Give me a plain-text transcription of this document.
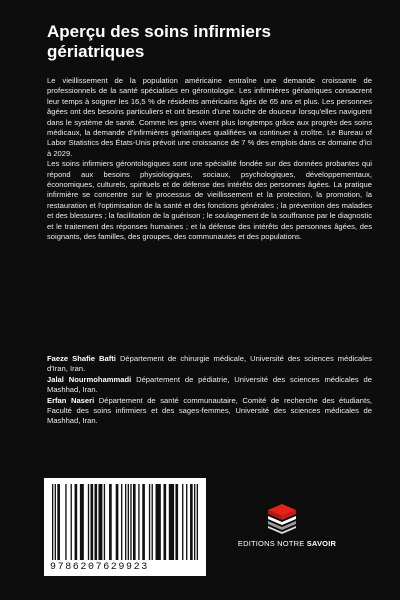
Aperçu des soins infirmiers gériatriques

Le vieillissement de la population américaine entraîne une demande croissante de professionnels de la santé spécialisés en gérontologie. Les infirmières gériatriques consacrent leur temps à soigner les 16,5 % de résidents américains âgés de 65 ans et plus. Les personnes âgées ont des besoins particuliers et ont besoin d'une touche de douceur lorsqu'elles naviguent dans le système de santé. Comme les gens vivent plus longtemps grâce aux progrès des soins médicaux, la demande d'infirmières gériatriques qualifiées va continuer à croître. Le Bureau of Labor Statistics des États-Unis prévoit une croissance de 7 % des emplois dans ce domaine d'ici à 2029.

Les soins infirmiers gérontologiques sont une spécialité fondée sur des données probantes qui répond aux besoins physiologiques, sociaux, psychologiques, développementaux, économiques, culturels, spirituels et de défense des intérêts des personnes âgées. La pratique infirmière se concentre sur le processus de vieillissement et la protection, la promotion, la restauration et l'optimisation de la santé et des fonctions générales ; la prévention des maladies et des blessures ; la facilitation de la guérison ; le soulagement de la souffrance par le diagnostic et le traitement des réponses humaines ; et la défense des intérêts des personnes âgées, des soignants, des familles, des groupes, des communautés et des populations.

Faeze Shafie Bafti Département de chirurgie médicale, Université des sciences médicales d'Iran, Iran.

Jalal Nourmohammadi Département de pédiatrie, Université des sciences médicales de Mashhad, Iran.

Erfan Naseri Département de santé communautaire, Comité de recherche des étudiants, Faculté des soins infirmiers et des sages-femmes, Université des sciences médicales de Mashhad, Iran.

9786207629923
EDITIONS NOTRE SAVOIR
